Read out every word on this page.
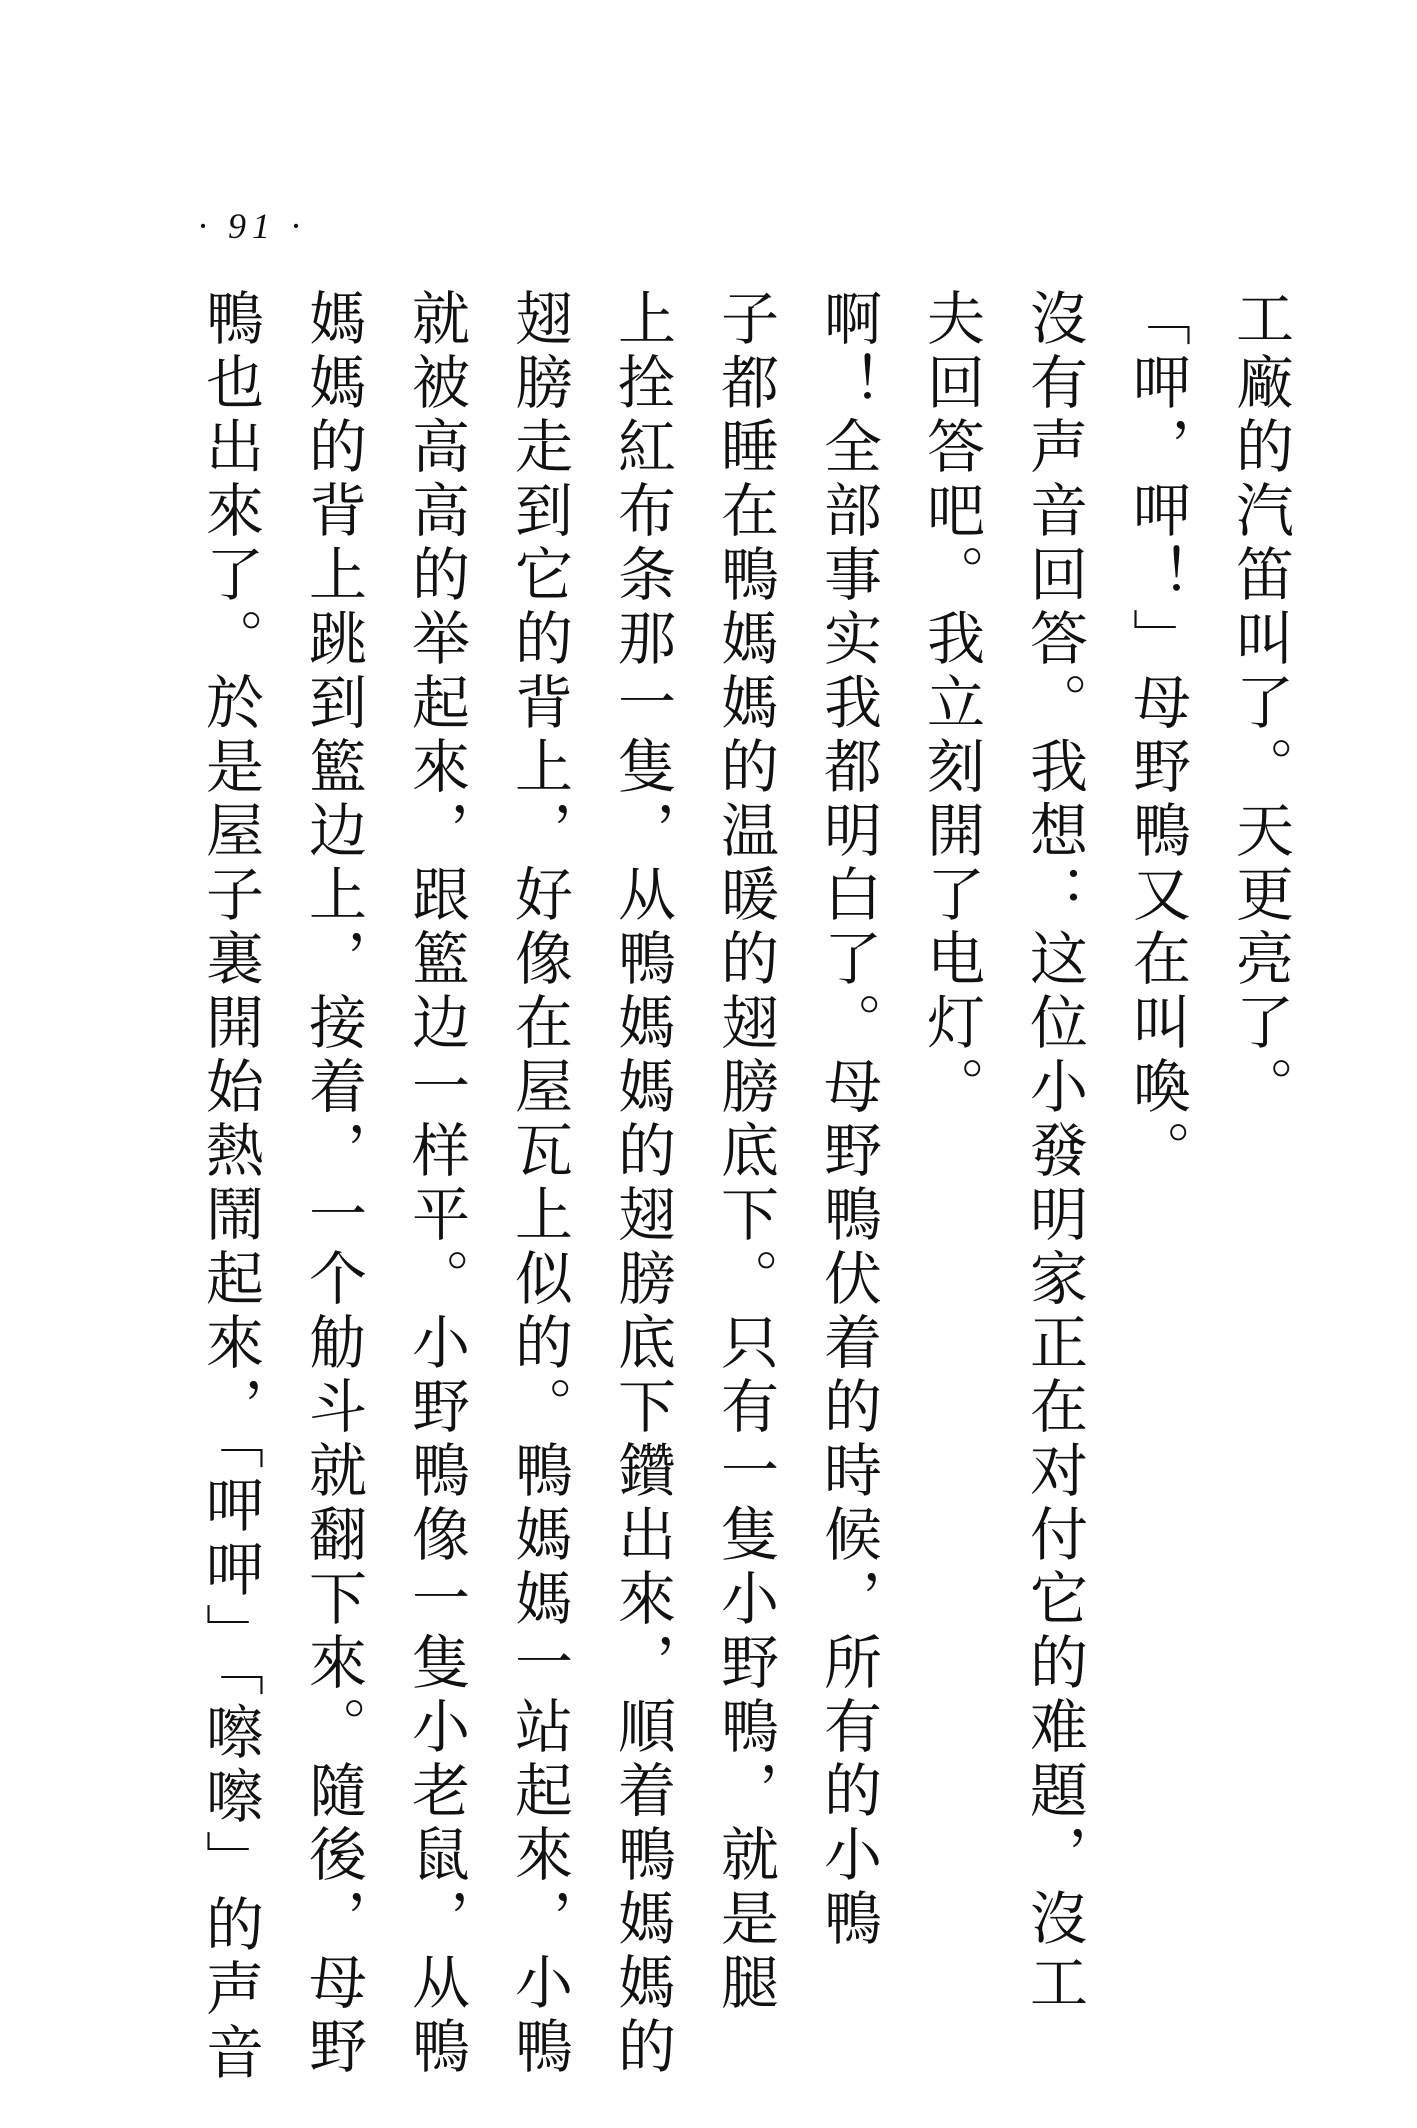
· 91 ·
工廠的汽笛叫了。天更亮了。
「呷，呷！」母野鴨又在叫喚。
沒有声音回答。我想：这位小發明家正在对付它的难題，沒工
夫回答吧。我立刻開了电灯。
啊！全部事实我都明白了。母野鴨伏着的時候，所有的小鴨
子都睡在鴨媽媽的温暖的翅膀底下。只有一隻小野鴨，就是腿
上拴紅布条那一隻，从鴨媽媽的翅膀底下鑽出來，順着鴨媽媽的
翅膀走到它的背上，好像在屋瓦上似的。鴨媽媽一站起來，小鴨
就被高高的举起來，跟籃边一样平。小野鴨像一隻小老鼠，从鴨
媽媽的背上跳到籃边上，接着，一个觔斗就翻下來。隨後，母野
鴨也出來了。於是屋子裏開始熱鬧起來，「呷呷」「嚓嚓」的声音
